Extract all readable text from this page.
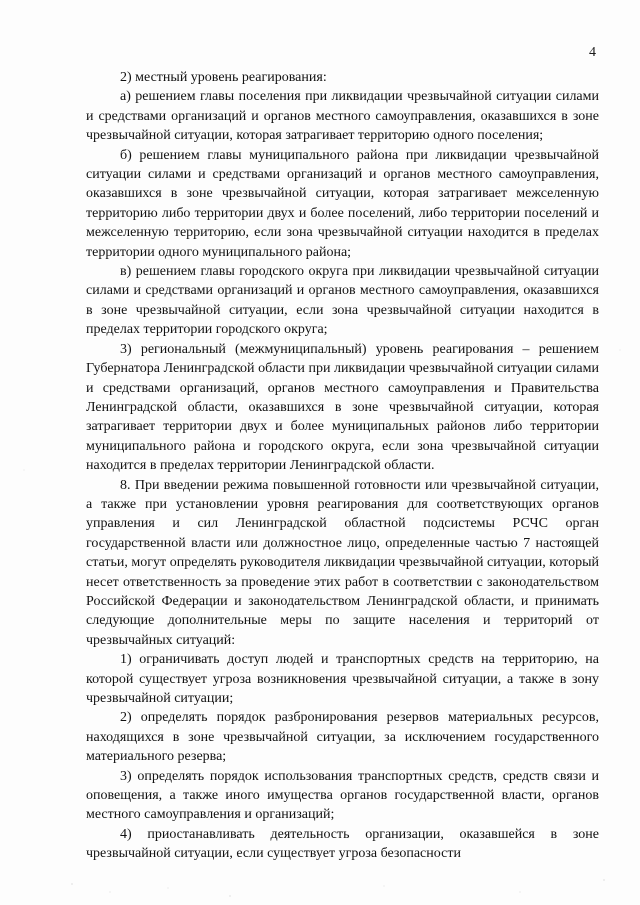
4

2) местный уровень реагирования:

а) решением главы поселения при ликвидации чрезвычайной ситуации силами и средствами организаций и органов местного самоуправления, оказавшихся в зоне чрезвычайной ситуации, которая затрагивает территорию одного поселения;

б) решением главы муниципального района при ликвидации чрезвычайной ситуации силами и средствами организаций и органов местного самоуправления, оказавшихся в зоне чрезвычайной ситуации, которая затрагивает межселенную территорию либо территории двух и более поселений, либо территории поселений и межселенную территорию, если зона чрезвычайной ситуации находится в пределах территории одного муниципального района;

в) решением главы городского округа при ликвидации чрезвычайной ситуации силами и средствами организаций и органов местного самоуправления, оказавшихся в зоне чрезвычайной ситуации, если зона чрезвычайной ситуации находится в пределах территории городского округа;

3) региональный (межмуниципальный) уровень реагирования – решением Губернатора Ленинградской области при ликвидации чрезвычайной ситуации силами и средствами организаций, органов местного самоуправления и Правительства Ленинградской области, оказавшихся в зоне чрезвычайной ситуации, которая затрагивает территории двух и более муниципальных районов либо территории муниципального района и городского округа, если зона чрезвычайной ситуации находится в пределах территории Ленинградской области.

8. При введении режима повышенной готовности или чрезвычайной ситуации, а также при установлении уровня реагирования для соответствующих органов управления и сил Ленинградской областной подсистемы РСЧС орган государственной власти или должностное лицо, определенные частью 7 настоящей статьи, могут определять руководителя ликвидации чрезвычайной ситуации, который несет ответственность за проведение этих работ в соответствии с законодательством Российской Федерации и законодательством Ленинградской области, и принимать следующие дополнительные меры по защите населения и территорий от чрезвычайных ситуаций:

1) ограничивать доступ людей и транспортных средств на территорию, на которой существует угроза возникновения чрезвычайной ситуации, а также в зону чрезвычайной ситуации;

2) определять порядок разбронирования резервов материальных ресурсов, находящихся в зоне чрезвычайной ситуации, за исключением государственного материального резерва;

3) определять порядок использования транспортных средств, средств связи и оповещения, а также иного имущества органов государственной власти, органов местного самоуправления и организаций;

4) приостанавливать деятельность организации, оказавшейся в зоне чрезвычайной ситуации, если существует угроза безопасности
